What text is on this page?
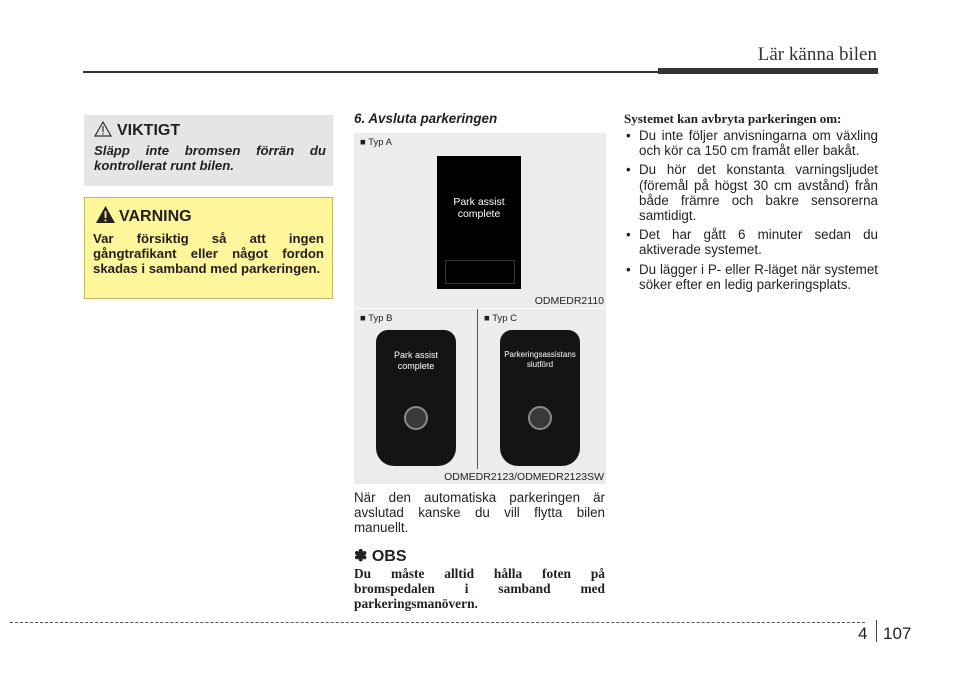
Lär känna bilen
VIKTIGT
Släpp inte bromsen förrän du kontrollerat runt bilen.
VARNING
Var försiktig så att ingen gångtrafikant eller något fordon skadas i samband med parkeringen.
6. Avsluta parkeringen
■ Typ A
Park assist
complete
ODMEDR2110
■ Typ B	■ Typ C
Park assist
complete
Parkeringsassistans
slutförd
ODMEDR2123/ODMEDR2123SW
När den automatiska parkeringen är avslutad kanske du vill flytta bilen manuellt.
✽ OBS
Du måste alltid hålla foten på bromspedalen i samband med parkeringsmanövern.
Systemet kan avbryta parkeringen om:
• Du inte följer anvisningarna om växling och kör ca 150 cm framåt eller bakåt.
• Du hör det konstanta varningsljudet (föremål på högst 30 cm avstånd) från både främre och bakre sensorerna samtidigt.
• Det har gått 6 minuter sedan du aktiverade systemet.
• Du lägger i P- eller R-läget när systemet söker efter en ledig parkeringsplats.
4 107
